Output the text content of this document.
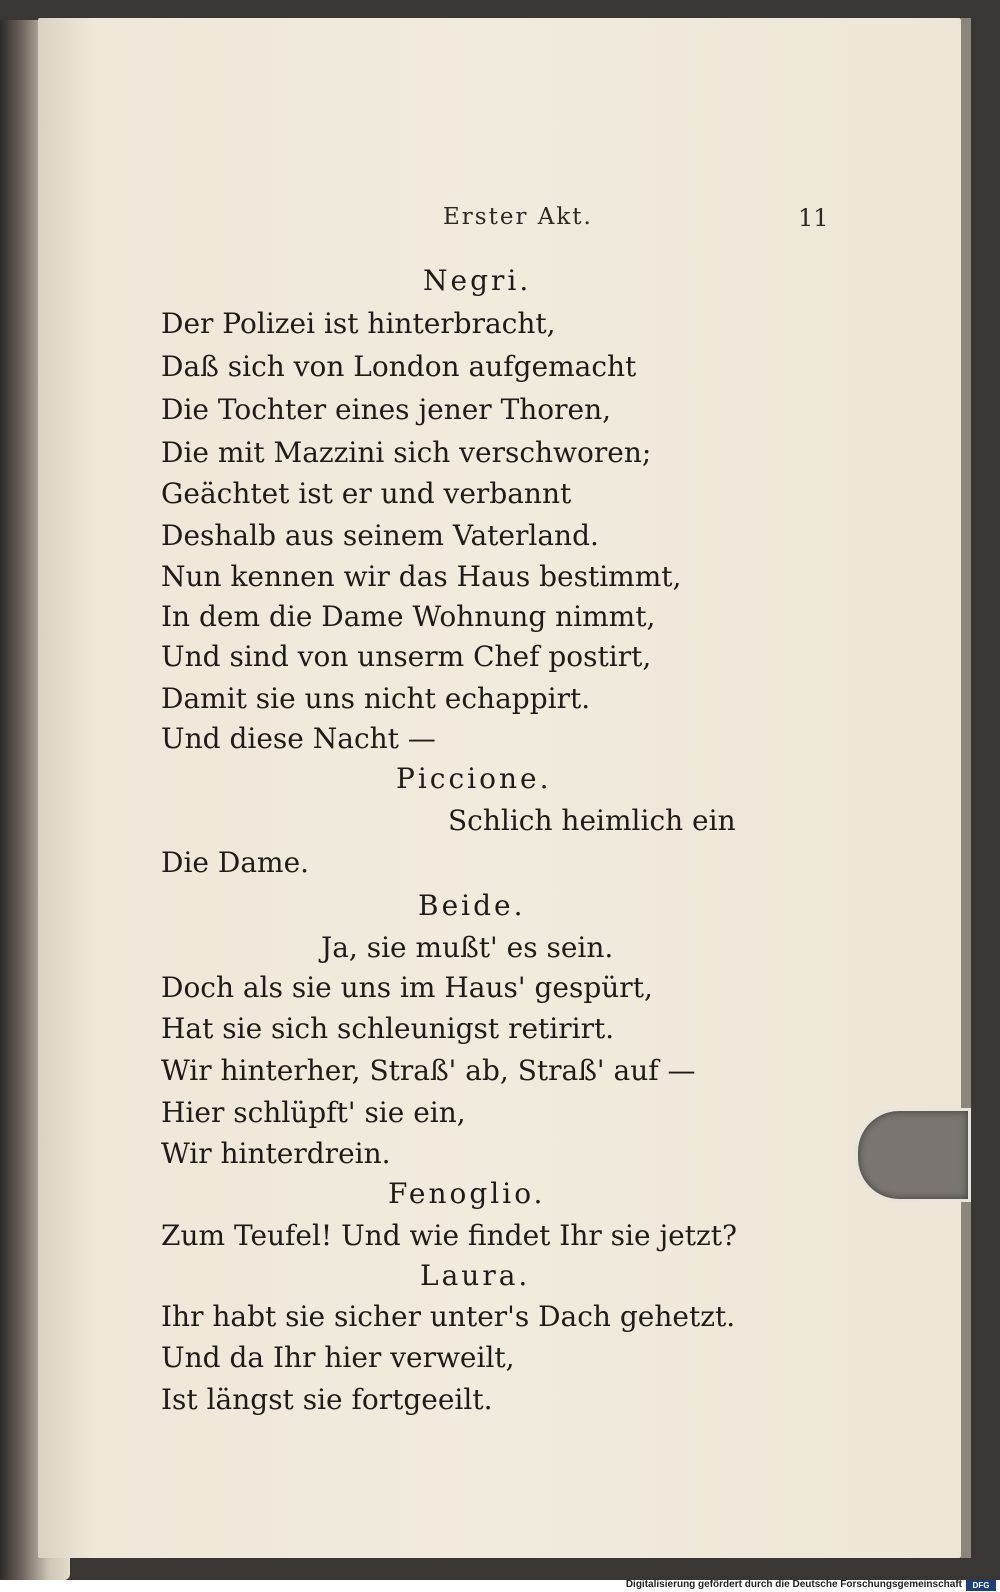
Erster Akt.	11
Negri.
Der Polizei ist hinterbracht,
Daß sich von London aufgemacht
Die Tochter eines jener Thoren,
Die mit Mazzini sich verschworen;
Geächtet ist er und verbannt
Deshalb aus seinem Vaterland.
Nun kennen wir das Haus bestimmt,
In dem die Dame Wohnung nimmt,
Und sind von unserm Chef postirt,
Damit sie uns nicht echappirt.
Und diese Nacht —
Piccione.
Schlich heimlich ein
Die Dame.
Beide.
Ja, sie mußt' es sein.
Doch als sie uns im Haus' gespürt,
Hat sie sich schleunigst retirirt.
Wir hinterher, Straß' ab, Straß' auf —
Hier schlüpft' sie ein,
Wir hinterdrein.
Fenoglio.
Zum Teufel! Und wie findet Ihr sie jetzt?
Laura.
Ihr habt sie sicher unter's Dach gehetzt.
Und da Ihr hier verweilt,
Ist längst sie fortgeeilt.
Digitalisierung gefördert durch die Deutsche Forschungsgemeinschaft	DFG
